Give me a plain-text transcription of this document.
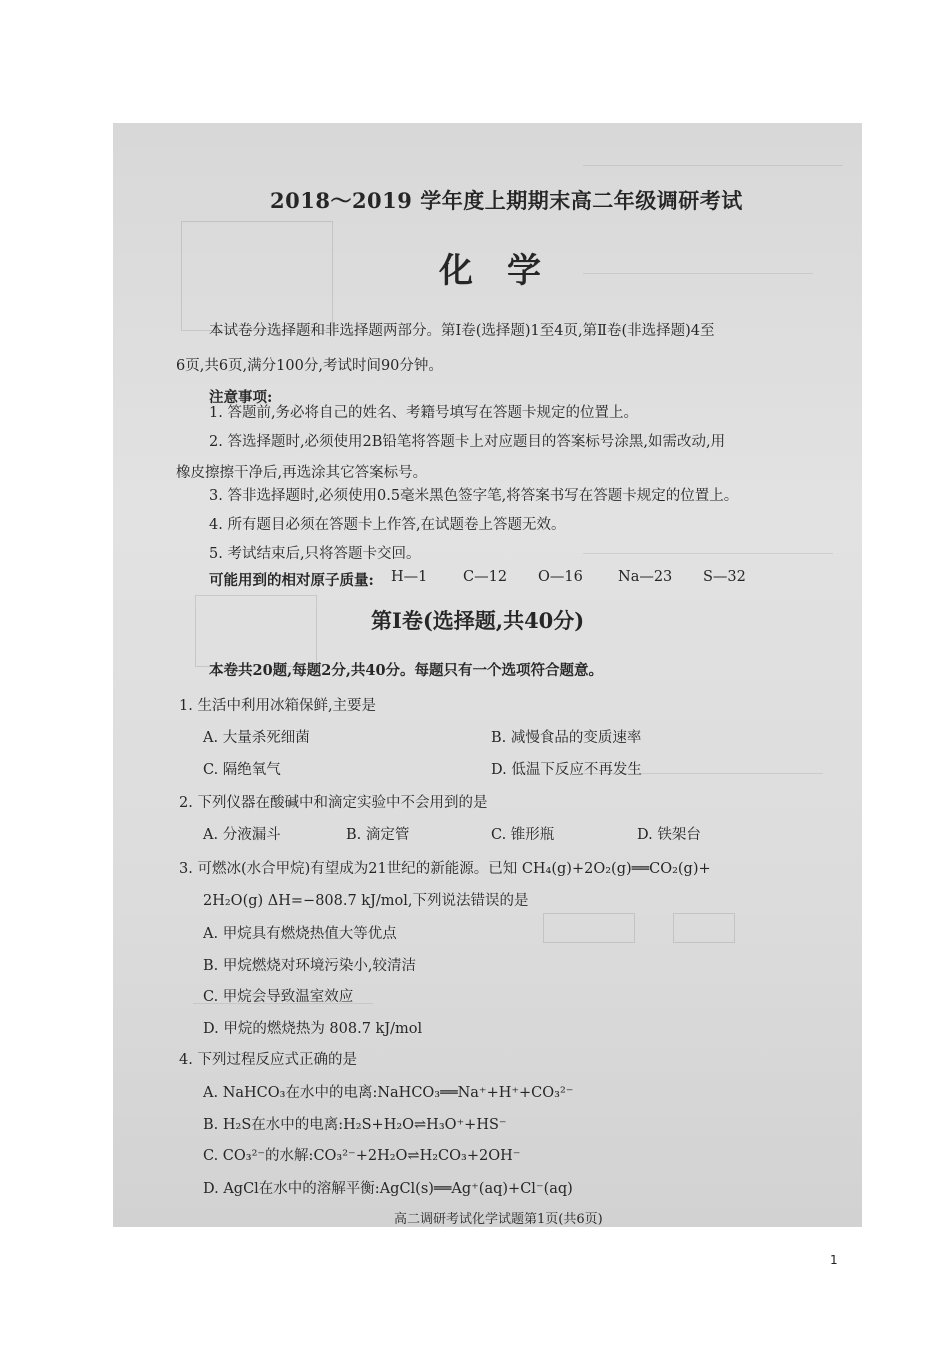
2018～2019 学年度上期期末高二年级调研考试
化学
本试卷分选择题和非选择题两部分。第Ⅰ卷(选择题)1至4页,第Ⅱ卷(非选择题)4至
6页,共6页,满分100分,考试时间90分钟。
注意事项:
1. 答题前,务必将自己的姓名、考籍号填写在答题卡规定的位置上。
2. 答选择题时,必须使用2B铅笔将答题卡上对应题目的答案标号涂黑,如需改动,用
橡皮擦擦干净后,再选涂其它答案标号。
3. 答非选择题时,必须使用0.5毫米黑色签字笔,将答案书写在答题卡规定的位置上。
4. 所有题目必须在答题卡上作答,在试题卷上答题无效。
5. 考试结束后,只将答题卡交回。
可能用到的相对原子质量: H—1 C—12 O—16 Na—23 S—32
第Ⅰ卷(选择题,共40分)
本卷共20题,每题2分,共40分。每题只有一个选项符合题意。
1. 生活中利用冰箱保鲜,主要是
A. 大量杀死细菌	B. 减慢食品的变质速率
C. 隔绝氧气	D. 低温下反应不再发生
2. 下列仪器在酸碱中和滴定实验中不会用到的是
A. 分液漏斗	B. 滴定管	C. 锥形瓶	D. 铁架台
3. 可燃冰(水合甲烷)有望成为21世纪的新能源。已知 CH₄(g)+2O₂(g)══CO₂(g)+
2H₂O(g) ΔH=−808.7 kJ/mol,下列说法错误的是
A. 甲烷具有燃烧热值大等优点
B. 甲烷燃烧对环境污染小,较清洁
C. 甲烷会导致温室效应
D. 甲烷的燃烧热为 808.7 kJ/mol
4. 下列过程反应式正确的是
A. NaHCO₃在水中的电离:NaHCO₃══Na⁺+H⁺+CO₃²⁻
B. H₂S在水中的电离:H₂S+H₂O⇌H₃O⁺+HS⁻
C. CO₃²⁻的水解:CO₃²⁻+2H₂O⇌H₂CO₃+2OH⁻
D. AgCl在水中的溶解平衡:AgCl(s)══Ag⁺(aq)+Cl⁻(aq)
高二调研考试化学试题第1页(共6页)
1
